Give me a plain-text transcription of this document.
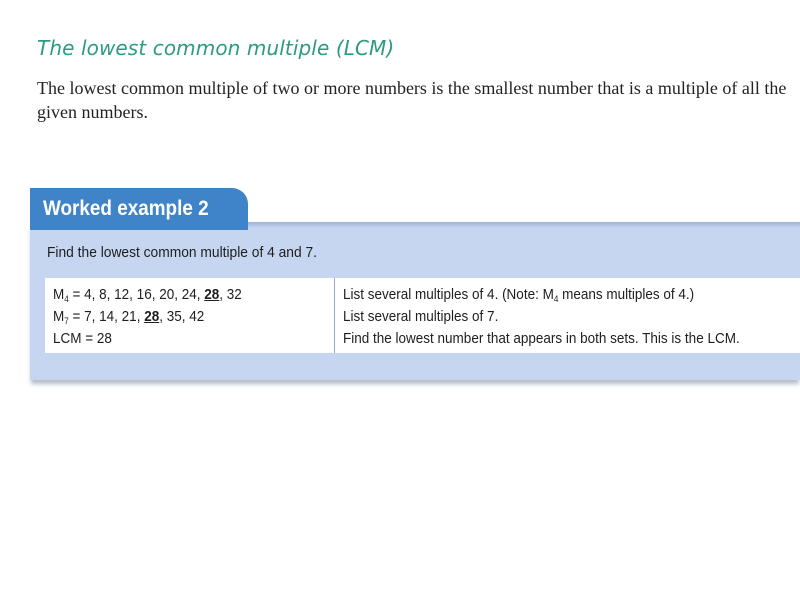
The lowest common multiple (LCM)
The lowest common multiple of two or more numbers is the smallest number that is a multiple of all the given numbers.
Worked example 2
Find the lowest common multiple of 4 and 7.
$M_4 = 4$, 8, 12, 16, 20, 24, 28, 32
$M_7 = 7$, 14, 21, 28, 35, 42
LCM = 28
List several multiples of 4. (Note: $M_4$ means multiples of 4.)
List several multiples of 7.
Find the lowest number that appears in both sets. This is the LCM.
